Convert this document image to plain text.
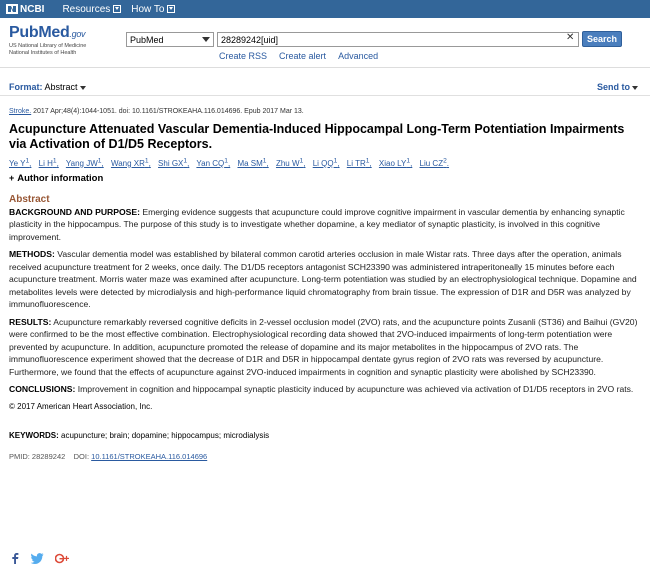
NCBI Resources How To
PubMed.gov
US National Library of Medicine
National Institutes of Health
PubMed
28289242[uid]	✕ Search
Create RSS Create alert Advanced
Format: Abstract	Send to
Stroke. 2017 Apr;48(4):1044-1051. doi: 10.1161/STROKEAHA.116.014696. Epub 2017 Mar 13.
Acupuncture Attenuated Vascular Dementia-Induced Hippocampal Long-Term Potentiation Impairments via Activation of D1/D5 Receptors.
Ye $Y^1$, Li $H^1$, Yang $JW^1$, Wang $XR^1$, Shi $GX^1$, Yan $CQ^1$, Ma $SM^1$, Zhu $W^1$, Li $QQ^1$, Li $TR^1$, Xiao $LY^1$, Liu $CZ^2$.
+ Author information
Abstract

BACKGROUND AND PURPOSE: Emerging evidence suggests that acupuncture could improve cognitive impairment in vascular dementia by enhancing synaptic plasticity in the hippocampus. The purpose of this study is to investigate whether dopamine, a key mediator of synaptic plasticity, is involved in this cognitive improvement.

METHODS: Vascular dementia model was established by bilateral common carotid arteries occlusion in male Wistar rats. Three days after the operation, animals received acupuncture treatment for 2 weeks, once daily. The D1/D5 receptors antagonist SCH23390 was administered intraperitoneally 15 minutes before each acupuncture treatment. Morris water maze was examined after acupuncture. Long-term potentiation was studied by an electrophysiological technique. Dopamine and metabolites levels were detected by microdialysis and high-performance liquid chromatography from brain tissue. The expression of D1R and D5R was analyzed by immunofluorescence.

RESULTS: Acupuncture remarkably reversed cognitive deficits in 2-vessel occlusion model (2VO) rats, and the acupuncture points Zusanli (ST36) and Baihui (GV20) were confirmed to be the most effective combination. Electrophysiological recording data showed that 2VO-induced impairments of long-term potentiation were prevented by acupuncture. In addition, acupuncture promoted the release of dopamine and its major metabolites in the hippocampus of 2VO rats. The immunofluorescence experiment showed that the decrease of D1R and D5R in hippocampal dentate gyrus region of 2VO rats was reversed by acupuncture. Furthermore, we found that the effects of acupuncture against 2VO-induced impairments in cognition and synaptic plasticity were abolished by SCH23390.

CONCLUSIONS: Improvement in cognition and hippocampal synaptic plasticity induced by acupuncture was achieved via activation of D1/D5 receptors in 2VO rats.

© 2017 American Heart Association, Inc.
KEYWORDS: acupuncture; brain; dopamine; hippocampus; microdialysis
PMID: 28289242 DOI: 10.1161/STROKEAHA.116.014696
